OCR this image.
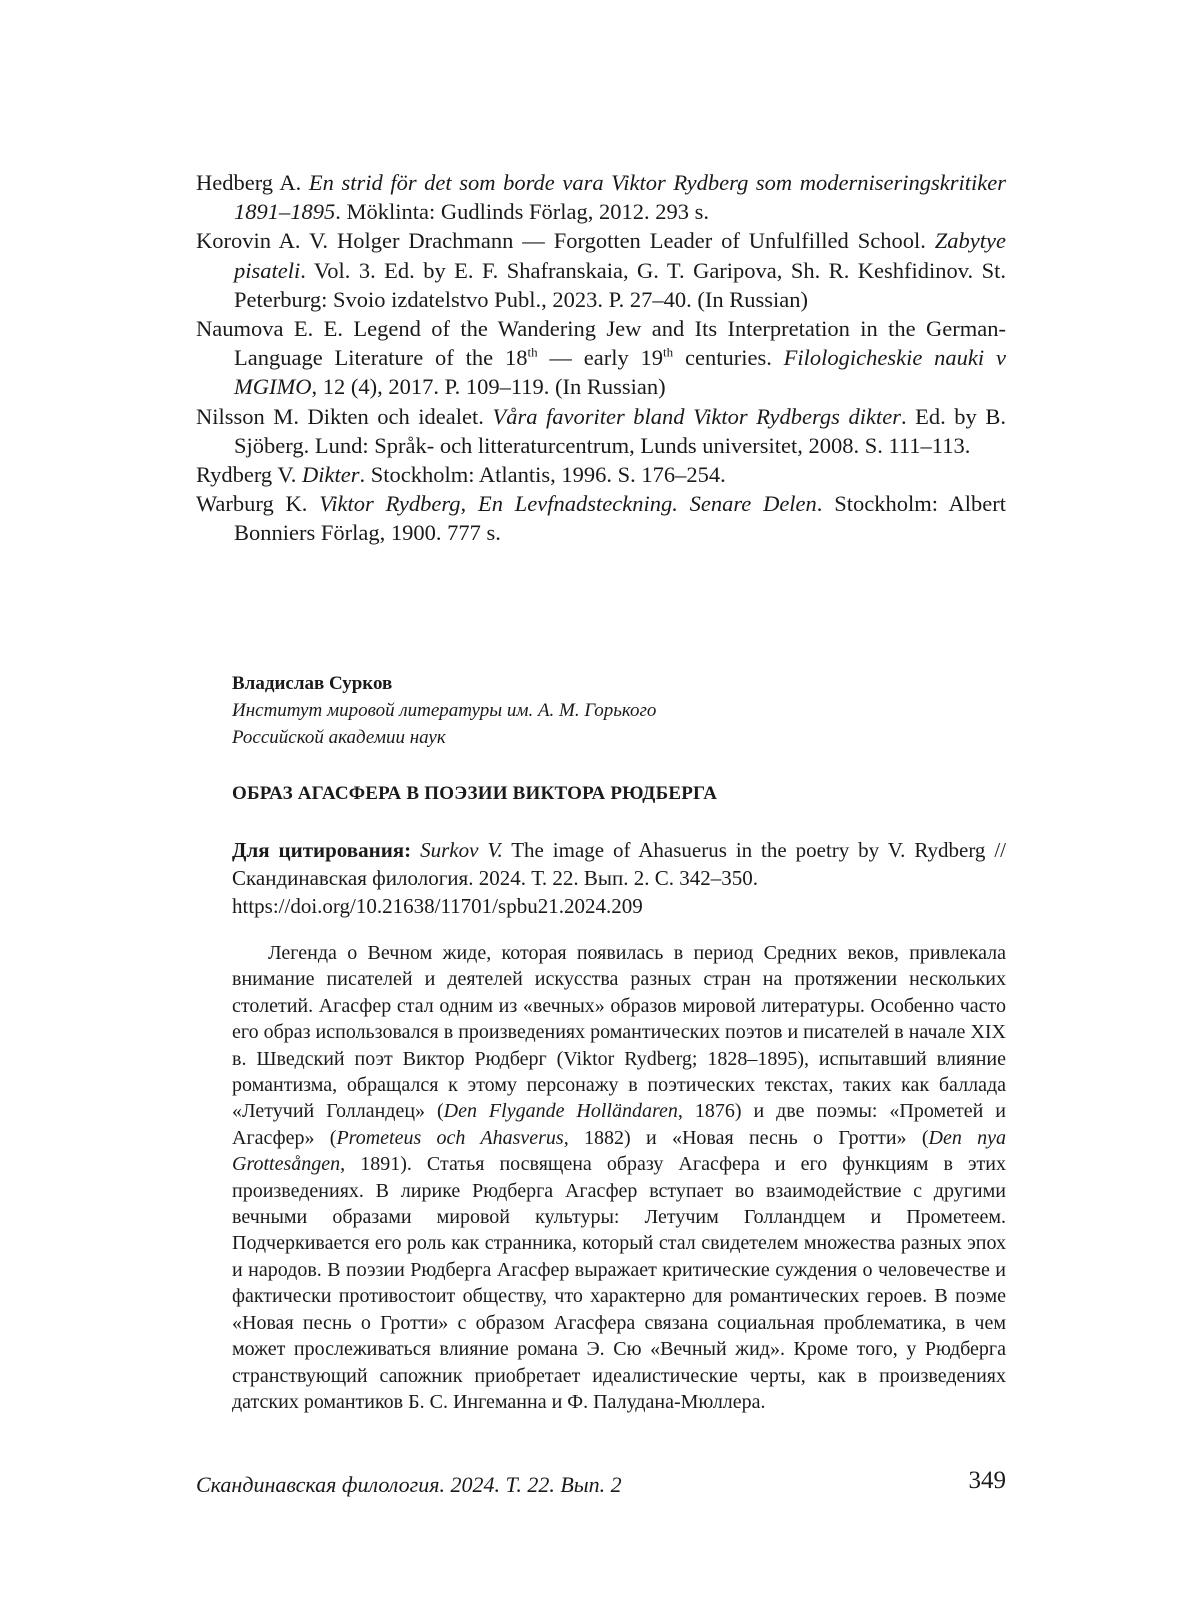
Hedberg A. En strid för det som borde vara Viktor Rydberg som moderniseringskritiker 1891–1895. Möklinta: Gudlinds Förlag, 2012. 293 s.

Korovin A. V. Holger Drachmann — Forgotten Leader of Unfulfilled School. Zabytye pisateli. Vol. 3. Ed. by E. F. Shafranskaia, G. T. Garipova, Sh. R. Keshfidinov. St. Peterburg: Svoio izdatelstvo Publ., 2023. P. 27–40. (In Russian)

Naumova E. E. Legend of the Wandering Jew and Its Interpretation in the German-Language Literature of the 18th — early 19th centuries. Filologicheskie nauki v MGIMO, 12 (4), 2017. P. 109–119. (In Russian)

Nilsson M. Dikten och idealet. Våra favoriter bland Viktor Rydbergs dikter. Ed. by B. Sjöberg. Lund: Språk- och litteraturcentrum, Lunds universitet, 2008. S. 111–113.

Rydberg V. Dikter. Stockholm: Atlantis, 1996. S. 176–254.

Warburg K. Viktor Rydberg, En Levfnadsteckning. Senare Delen. Stockholm: Albert Bonniers Förlag, 1900. 777 s.

Владислав Сурков

Институт мировой литературы им. А. М. Горького

Российской академии наук

ОБРАЗ АГАСФЕРА В ПОЭЗИИ ВИКТОРА РЮДБЕРГА

Для цитирования: Surkov V. The image of Ahasuerus in the poetry by V. Rydberg // Скандинавская филология. 2024. Т. 22. Вып. 2. С. 342–350.
https://doi.org/10.21638/11701/spbu21.2024.209

Легенда о Вечном жиде, которая появилась в период Средних веков, привлекала внимание писателей и деятелей искусства разных стран на протяжении нескольких столетий. Агасфер стал одним из «вечных» образов мировой литературы. Особенно часто его образ использовался в произведениях романтических поэтов и писателей в начале XIX в. Шведский поэт Виктор Рюдберг (Viktor Rydberg; 1828–1895), испытавший влияние романтизма, обращался к этому персонажу в поэтических текстах, таких как баллада «Летучий Голландец» (Den Flygande Holländaren, 1876) и две поэмы: «Прометей и Агасфер» (Prometeus och Ahasverus, 1882) и «Новая песнь о Гротти» (Den nya Grottesången, 1891). Статья посвящена образу Агасфера и его функциям в этих произведениях. В лирике Рюдберга Агасфер вступает во взаимодействие с другими вечными образами мировой культуры: Летучим Голландцем и Прометеем. Подчеркивается его роль как странника, который стал свидетелем множества разных эпох и народов. В поэзии Рюдберга Агасфер выражает критические суждения о человечестве и фактически противостоит обществу, что характерно для романтических героев. В поэме «Новая песнь о Гротти» с образом Агасфера связана социальная проблематика, в чем может прослеживаться влияние романа Э. Сю «Вечный жид». Кроме того, у Рюдберга странствующий сапожник приобретает идеалистические черты, как в произведениях датских романтиков Б. С. Ингеманна и Ф. Палудана-Мюллера.

Скандинавская филология. 2024. Т. 22. Вып. 2	349
